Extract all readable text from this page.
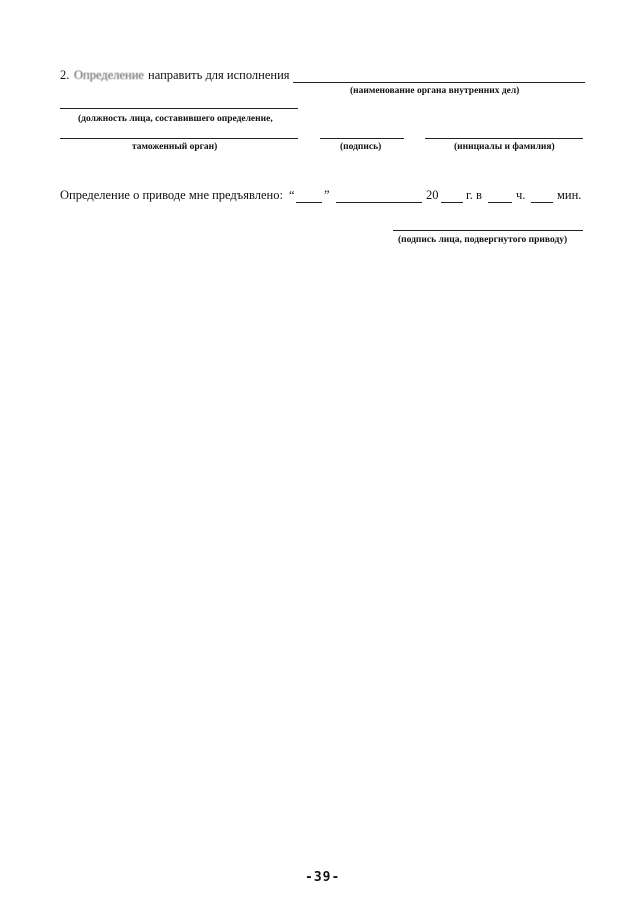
2. Определение направить для исполнения
(наименование органа внутренних дел)
(должность лица, составившего определение,
таможенный орган)	(подпись)	(инициалы и фамилия)
Определение о приводе мне предъявлено: “ ”	20 г. в	ч.	мин.
(подпись лица, подвергнутого приводу)
-39-
